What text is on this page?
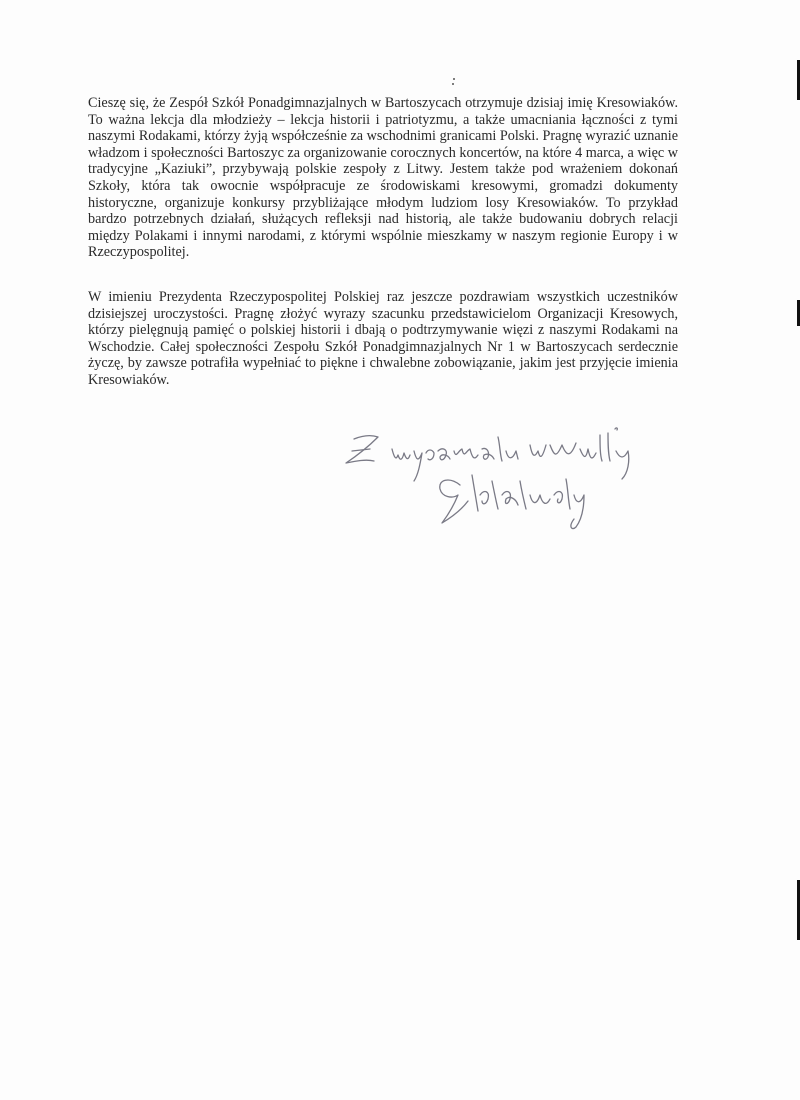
Cieszę się, że Zespół Szkół Ponadgimnazjalnych w Bartoszycach otrzymuje dzisiaj imię Kresowiaków. To ważna lekcja dla młodzieży – lekcja historii i patriotyzmu, a także umacniania łączności z tymi naszymi Rodakami, którzy żyją współcześnie za wschodnimi granicami Polski. Pragnę wyrazić uznanie władzom i społeczności Bartoszyc za organizowanie corocznych koncertów, na które 4 marca, a więc w tradycyjne „Kaziuki”, przybywają polskie zespoły z Litwy. Jestem także pod wrażeniem dokonań Szkoły, która tak owocnie współpracuje ze środowiskami kresowymi, gromadzi dokumenty historyczne, organizuje konkursy przybliżające młodym ludziom losy Kresowiaków. To przykład bardzo potrzebnych działań, służących refleksji nad historią, ale także budowaniu dobrych relacji między Polakami i innymi narodami, z którymi wspólnie mieszkamy w naszym regionie Europy i w Rzeczypospolitej.

W imieniu Prezydenta Rzeczypospolitej Polskiej raz jeszcze pozdrawiam wszystkich uczestników dzisiejszej uroczystości. Pragnę złożyć wyrazy szacunku przedstawicielom Organizacji Kresowych, którzy pielęgnują pamięć o polskiej historii i dbają o podtrzymywanie więzi z naszymi Rodakami na Wschodzie. Całej społeczności Zespołu Szkół Ponadgimnazjalnych Nr 1 w Bartoszycach serdecznie życzę, by zawsze potrafiła wypełniać to piękne i chwalebne zobowiązanie, jakim jest przyjęcie imienia Kresowiaków.
